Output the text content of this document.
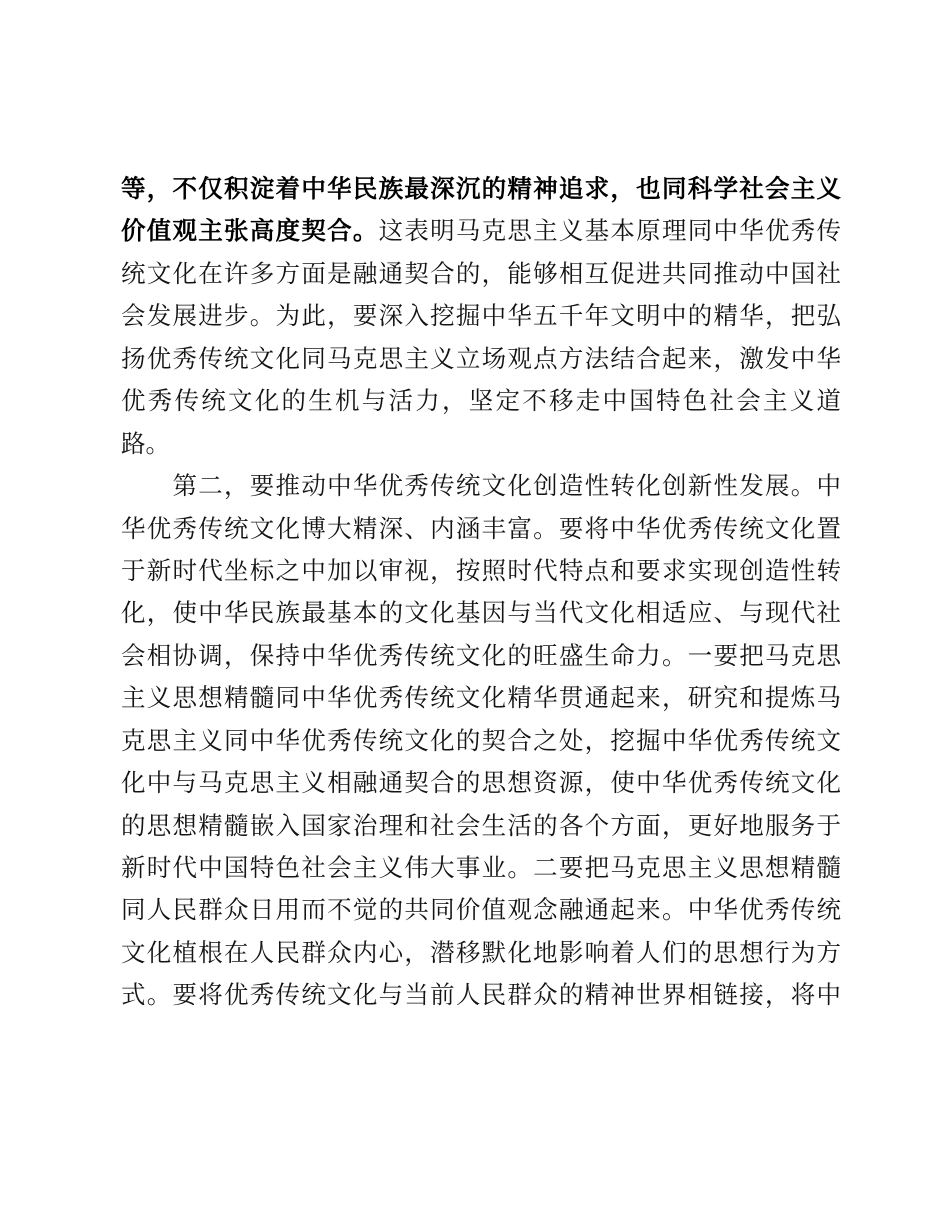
等，不仅积淀着中华民族最深沉的精神追求，也同科学社会主义
价值观主张高度契合。这表明马克思主义基本原理同中华优秀传
统文化在许多方面是融通契合的，能够相互促进共同推动中国社
会发展进步。为此，要深入挖掘中华五千年文明中的精华，把弘
扬优秀传统文化同马克思主义立场观点方法结合起来，激发中华
优秀传统文化的生机与活力，坚定不移走中国特色社会主义道
路。
　　第二，要推动中华优秀传统文化创造性转化创新性发展。中
华优秀传统文化博大精深、内涵丰富。要将中华优秀传统文化置
于新时代坐标之中加以审视，按照时代特点和要求实现创造性转
化，使中华民族最基本的文化基因与当代文化相适应、与现代社
会相协调，保持中华优秀传统文化的旺盛生命力。一要把马克思
主义思想精髓同中华优秀传统文化精华贯通起来，研究和提炼马
克思主义同中华优秀传统文化的契合之处，挖掘中华优秀传统文
化中与马克思主义相融通契合的思想资源，使中华优秀传统文化
的思想精髓嵌入国家治理和社会生活的各个方面，更好地服务于
新时代中国特色社会主义伟大事业。二要把马克思主义思想精髓
同人民群众日用而不觉的共同价值观念融通起来。中华优秀传统
文化植根在人民群众内心，潜移默化地影响着人们的思想行为方
式。要将优秀传统文化与当前人民群众的精神世界相链接，将中
